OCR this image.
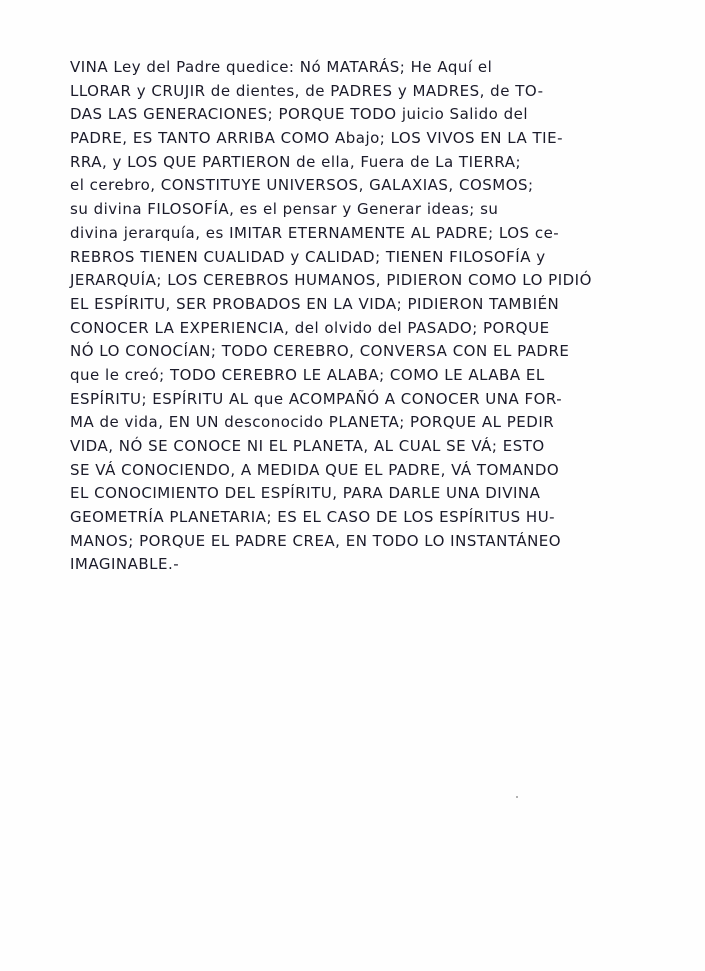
VINA Ley del Padre quedice: Nó MATARÁS; He Aquí el
LLORAR y CRUJIR de dientes, de PADRES y MADRES, de TO-
DAS LAS GENERACIONES; PORQUE TODO juicio Salido del
PADRE, ES TANTO ARRIBA COMO Abajo; LOS VIVOS EN LA TIE-
RRA, y LOS QUE PARTIERON de ella, Fuera de La TIERRA;
el cerebro, CONSTITUYE UNIVERSOS, GALAXIAS, COSMOS;
su divina FILOSOFÍA, es el pensar y Generar ideas; su
divina jerarquía, es IMITAR ETERNAMENTE AL PADRE; LOS ce-
REBROS TIENEN CUALIDAD y CALIDAD; TIENEN FILOSOFÍA y
JERARQUÍA; LOS CEREBROS HUMANOS, PIDIERON COMO LO PIDIÓ
EL ESPÍRITU, SER PROBADOS EN LA VIDA; PIDIERON TAMBIÉN
CONOCER LA EXPERIENCIA, del olvido del PASADO; PORQUE
NÓ LO CONOCÍAN; TODO CEREBRO, CONVERSA CON EL PADRE
que le creó; TODO CEREBRO LE ALABA; COMO LE ALABA EL
ESPÍRITU; ESPÍRITU AL que ACOMPAÑÓ A CONOCER UNA FOR-
MA de vida, EN UN desconocido PLANETA; PORQUE AL PEDIR
VIDA, NÓ SE CONOCE NI EL PLANETA, AL CUAL SE VÁ; ESTO
SE VÁ CONOCIENDO, A MEDIDA QUE EL PADRE, VÁ TOMANDO
EL CONOCIMIENTO DEL ESPÍRITU, PARA DARLE UNA DIVINA
GEOMETRÍA PLANETARIA; ES EL CASO DE LOS ESPÍRITUS HU-
MANOS; PORQUE EL PADRE CREA, EN TODO LO INSTANTÁNEO
IMAGINABLE.-
